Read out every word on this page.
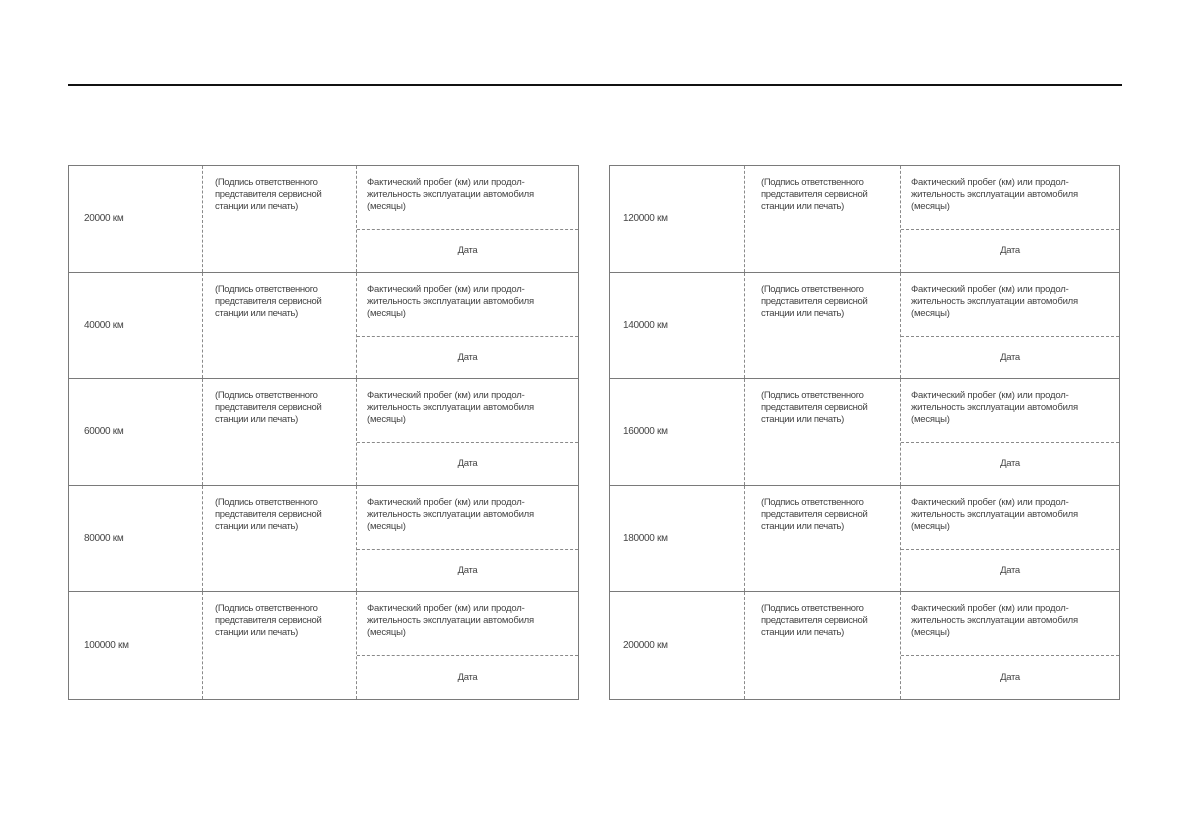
20000 км
(Подпись ответственного представителя сервисной станции или печать)
Фактический пробег (км) или продол- жительность эксплуатации автомобиля (месяцы)
Дата
40000 км
(Подпись ответственного представителя сервисной станции или печать)
Фактический пробег (км) или продол- жительность эксплуатации автомобиля (месяцы)
Дата
60000 км
(Подпись ответственного представителя сервисной станции или печать)
Фактический пробег (км) или продол- жительность эксплуатации автомобиля (месяцы)
Дата
80000 км
(Подпись ответственного представителя сервисной станции или печать)
Фактический пробег (км) или продол- жительность эксплуатации автомобиля (месяцы)
Дата
100000 км
(Подпись ответственного представителя сервисной станции или печать)
Фактический пробег (км) или продол- жительность эксплуатации автомобиля (месяцы)
Дата
120000 км
(Подпись ответственного представителя сервисной станции или печать)
Фактический пробег (км) или продол- жительность эксплуатации автомобиля (месяцы)
Дата
140000 км
(Подпись ответственного представителя сервисной станции или печать)
Фактический пробег (км) или продол- жительность эксплуатации автомобиля (месяцы)
Дата
160000 км
(Подпись ответственного представителя сервисной станции или печать)
Фактический пробег (км) или продол- жительность эксплуатации автомобиля (месяцы)
Дата
180000 км
(Подпись ответственного представителя сервисной станции или печать)
Фактический пробег (км) или продол- жительность эксплуатации автомобиля (месяцы)
Дата
200000 км
(Подпись ответственного представителя сервисной станции или печать)
Фактический пробег (км) или продол- жительность эксплуатации автомобиля (месяцы)
Дата
